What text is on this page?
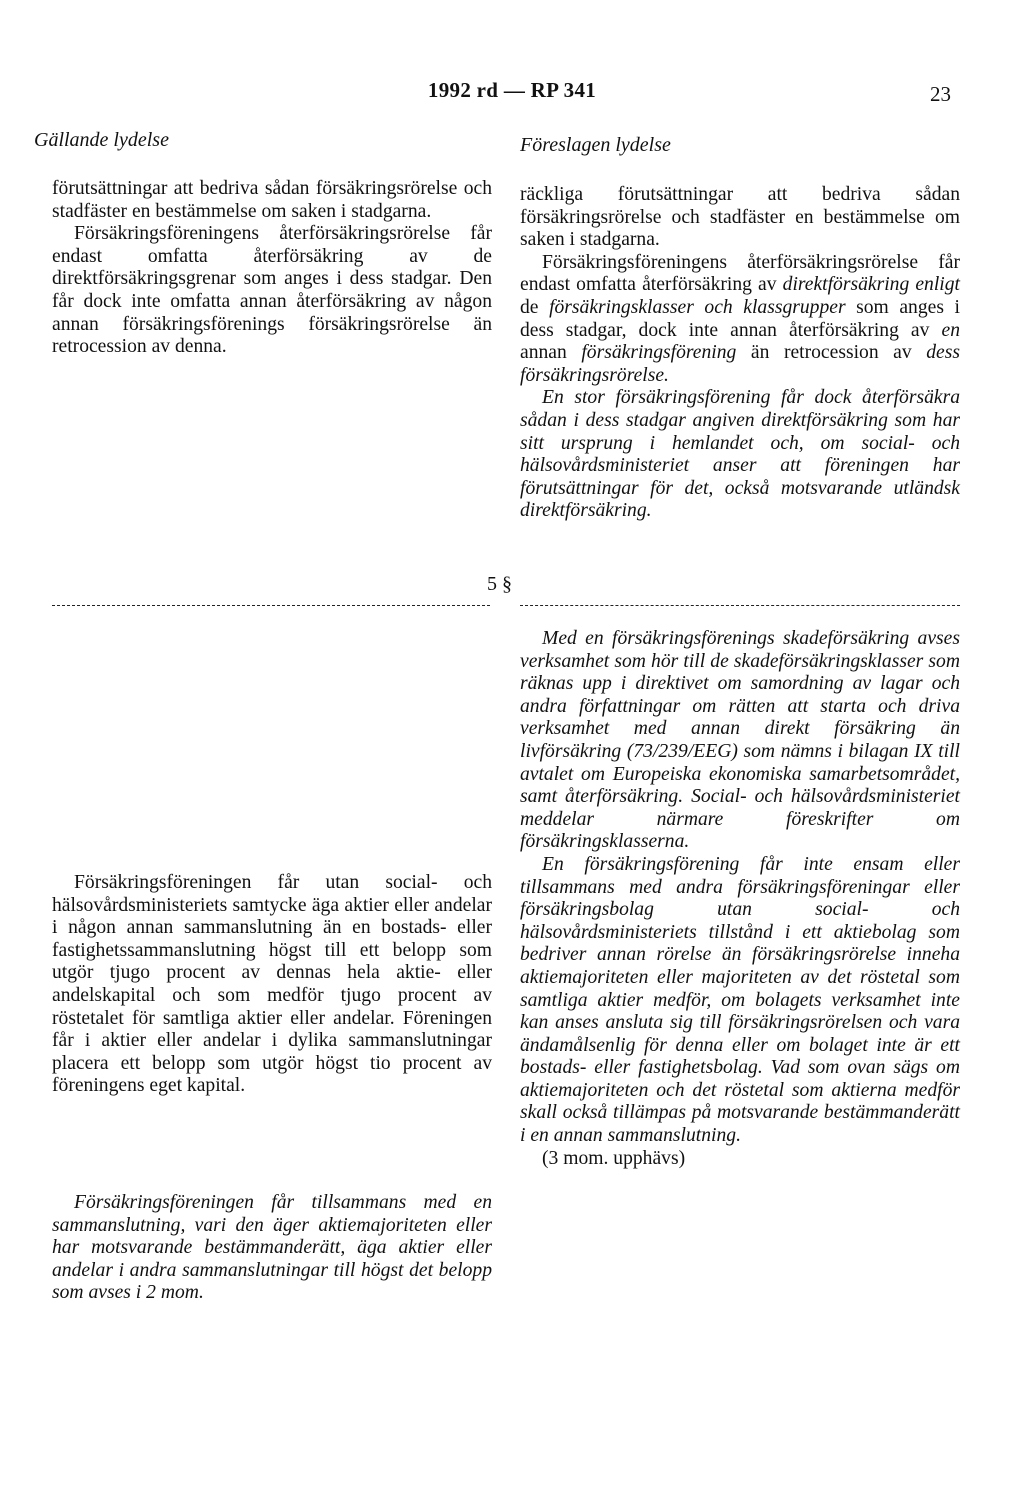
1992 rd — RP 341	23
Gällande lydelse	Föreslagen lydelse

förutsättningar att bedriva sådan försäkringsrörelse och stadfäster en bestämmelse om saken i stadgarna.

Försäkringsföreningens återförsäkringsrörelse får endast omfatta återförsäkring av de direktförsäkringsgrenar som anges i dess stadgar. Den får dock inte omfatta annan återförsäkring av någon annan försäkringsförenings försäkringsrörelse än retrocession av denna.

räckliga förutsättningar att bedriva sådan försäkringsrörelse och stadfäster en bestämmelse om saken i stadgarna.

Försäkringsföreningens återförsäkringsrörelse får endast omfatta återförsäkring av direktförsäkring enligt de försäkringsklasser och klassgrupper som anges i dess stadgar, dock inte annan återförsäkring av en annan försäkringsförening än retrocession av dess försäkringsrörelse.

En stor försäkringsförening får dock återförsäkra sådan i dess stadgar angiven direktförsäkring som har sitt ursprung i hemlandet och, om social- och hälsovårdsministeriet anser att föreningen har förutsättningar för det, också motsvarande utländsk direktförsäkring.

5 §

Med en försäkringsförenings skadeförsäkring avses verksamhet som hör till de skadeförsäkringsklasser som räknas upp i direktivet om samordning av lagar och andra författningar om rätten att starta och driva verksamhet med annan direkt försäkring än livförsäkring (73/239/EEG) som nämns i bilagan IX till avtalet om Europeiska ekonomiska samarbetsområdet, samt återförsäkring. Social- och hälsovårdsministeriet meddelar närmare föreskrifter om försäkringsklasserna.

En försäkringsförening får inte ensam eller tillsammans med andra försäkringsföreningar eller försäkringsbolag utan social- och hälsovårdsministeriets tillstånd i ett aktiebolag som bedriver annan rörelse än försäkringsrörelse inneha aktiemajoriteten eller majoriteten av det röstetal som samtliga aktier medför, om bolagets verksamhet inte kan anses ansluta sig till försäkringsrörelsen och vara ändamålsenlig för denna eller om bolaget inte är ett bostads- eller fastighetsbolag. Vad som ovan sägs om aktiemajoriteten och det röstetal som aktierna medför skall också tillämpas på motsvarande bestämmanderätt i en annan sammanslutning.

(3 mom. upphävs)

Försäkringsföreningen får utan social- och hälsovårdsministeriets samtycke äga aktier eller andelar i någon annan sammanslutning än en bostads- eller fastighetssammanslutning högst till ett belopp som utgör tjugo procent av dennas hela aktie- eller andelskapital och som medför tjugo procent av röstetalet för samtliga aktier eller andelar. Föreningen får i aktier eller andelar i dylika sammanslutningar placera ett belopp som utgör högst tio procent av föreningens eget kapital.

Försäkringsföreningen får tillsammans med en sammanslutning, vari den äger aktiemajoriteten eller har motsvarande bestämmanderätt, äga aktier eller andelar i andra sammanslutningar till högst det belopp som avses i 2 mom.
